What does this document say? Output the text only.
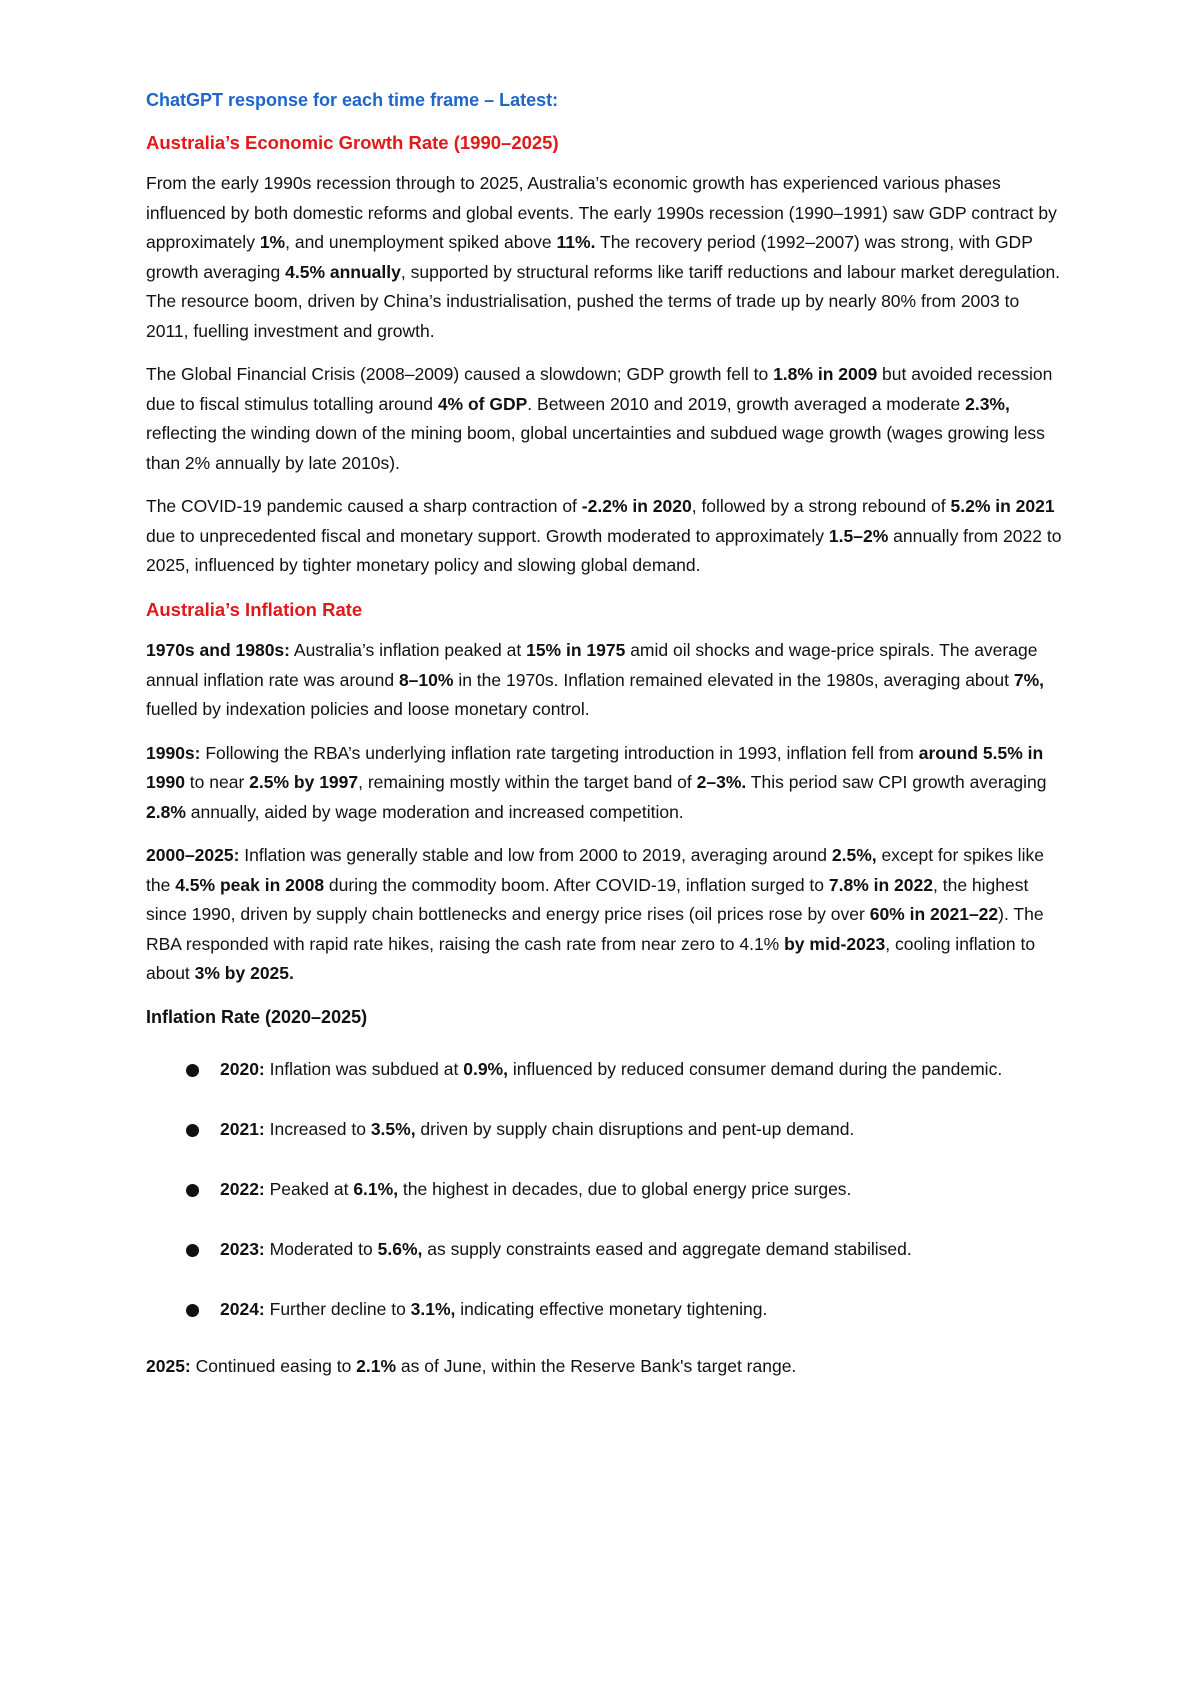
ChatGPT response for each time frame – Latest:
Australia’s Economic Growth Rate (1990–2025)

From the early 1990s recession through to 2025, Australia’s economic growth has experienced various phases influenced by both domestic reforms and global events. The early 1990s recession (1990–1991) saw GDP contract by approximately 1%, and unemployment spiked above 11%. The recovery period (1992–2007) was strong, with GDP growth averaging 4.5% annually, supported by structural reforms like tariff reductions and labour market deregulation. The resource boom, driven by China’s industrialisation, pushed the terms of trade up by nearly 80% from 2003 to 2011, fuelling investment and growth.

The Global Financial Crisis (2008–2009) caused a slowdown; GDP growth fell to 1.8% in 2009 but avoided recession due to fiscal stimulus totalling around 4% of GDP. Between 2010 and 2019, growth averaged a moderate 2.3%, reflecting the winding down of the mining boom, global uncertainties and subdued wage growth (wages growing less than 2% annually by late 2010s).

The COVID-19 pandemic caused a sharp contraction of -2.2% in 2020, followed by a strong rebound of 5.2% in 2021 due to unprecedented fiscal and monetary support. Growth moderated to approximately 1.5–2% annually from 2022 to 2025, influenced by tighter monetary policy and slowing global demand.

Australia’s Inflation Rate

1970s and 1980s: Australia’s inflation peaked at 15% in 1975 amid oil shocks and wage-price spirals. The average annual inflation rate was around 8–10% in the 1970s. Inflation remained elevated in the 1980s, averaging about 7%, fuelled by indexation policies and loose monetary control.

1990s: Following the RBA’s underlying inflation rate targeting introduction in 1993, inflation fell from around 5.5% in 1990 to near 2.5% by 1997, remaining mostly within the target band of 2–3%. This period saw CPI growth averaging 2.8% annually, aided by wage moderation and increased competition.

2000–2025: Inflation was generally stable and low from 2000 to 2019, averaging around 2.5%, except for spikes like the 4.5% peak in 2008 during the commodity boom. After COVID-19, inflation surged to 7.8% in 2022, the highest since 1990, driven by supply chain bottlenecks and energy price rises (oil prices rose by over 60% in 2021–22). The RBA responded with rapid rate hikes, raising the cash rate from near zero to 4.1% by mid-2023, cooling inflation to about 3% by 2025.

Inflation Rate (2020–2025)
2020: Inflation was subdued at 0.9%, influenced by reduced consumer demand during the pandemic.
2021: Increased to 3.5%, driven by supply chain disruptions and pent-up demand.
2022: Peaked at 6.1%, the highest in decades, due to global energy price surges.
2023: Moderated to 5.6%, as supply constraints eased and aggregate demand stabilised.
2024: Further decline to 3.1%, indicating effective monetary tightening.

2025: Continued easing to 2.1% as of June, within the Reserve Bank's target range.
